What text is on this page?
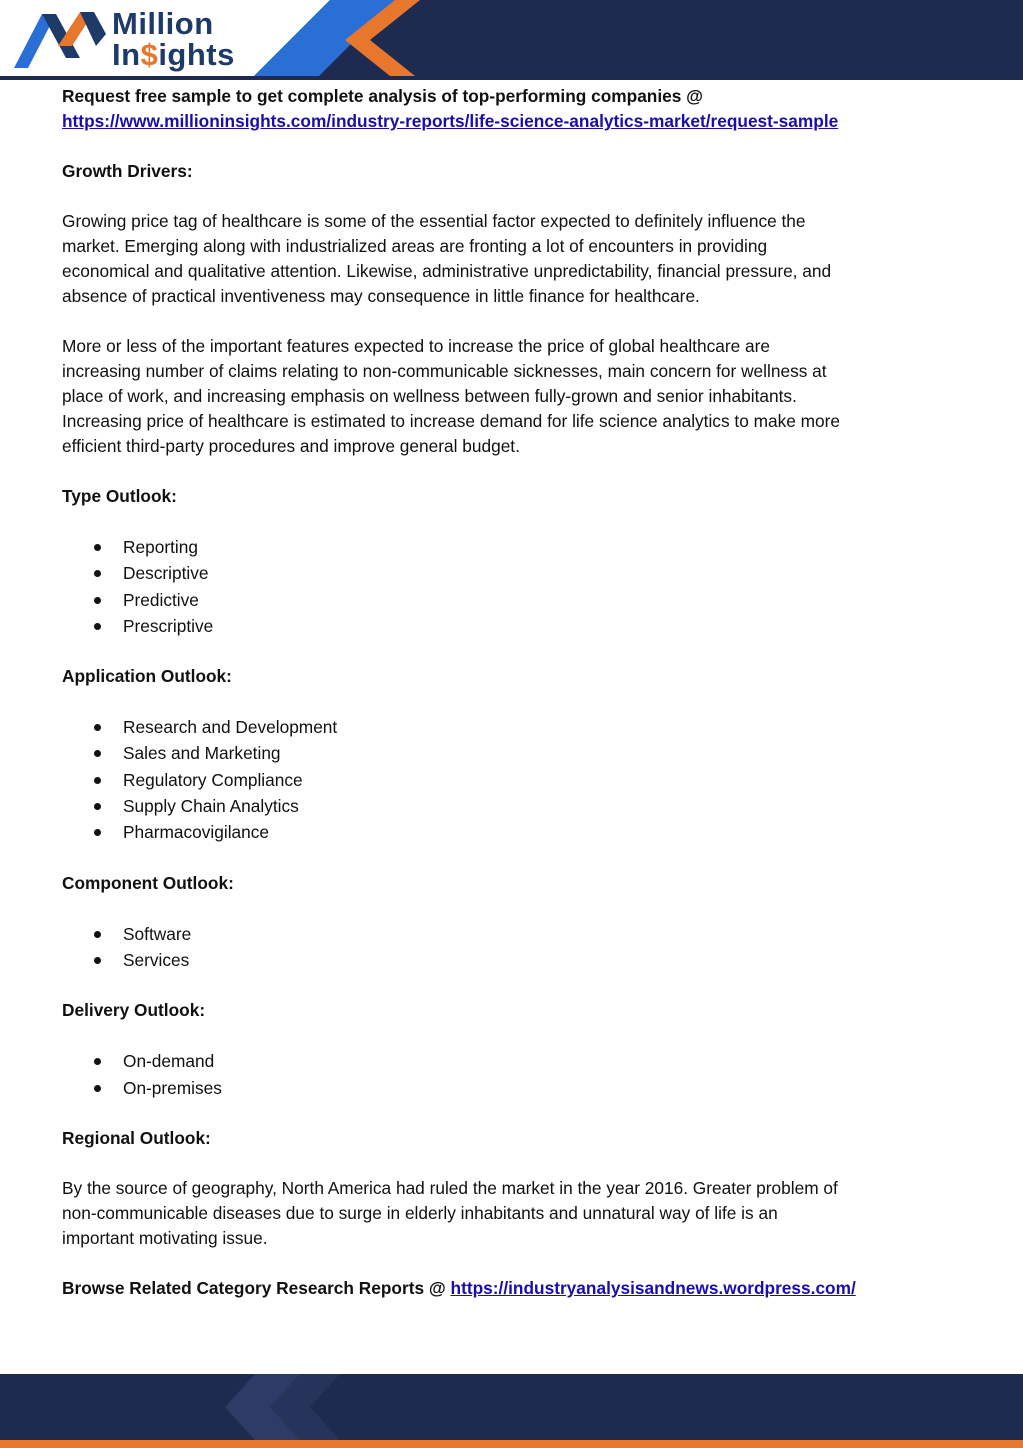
Million
In$ights

Request free sample to get complete analysis of top-performing companies @

https://www.millioninsights.com/industry-reports/life-science-analytics-market/request-sample

Growth Drivers:

Growing price tag of healthcare is some of the essential factor expected to definitely influence the
market. Emerging along with industrialized areas are fronting a lot of encounters in providing
economical and qualitative attention. Likewise, administrative unpredictability, financial pressure, and
absence of practical inventiveness may consequence in little finance for healthcare.

More or less of the important features expected to increase the price of global healthcare are
increasing number of claims relating to non-communicable sicknesses, main concern for wellness at
place of work, and increasing emphasis on wellness between fully-grown and senior inhabitants.
Increasing price of healthcare is estimated to increase demand for life science analytics to make more
efficient third-party procedures and improve general budget.

Type Outlook:

Reporting
Descriptive
Predictive
Prescriptive

Application Outlook:

Research and Development
Sales and Marketing
Regulatory Compliance
Supply Chain Analytics
Pharmacovigilance

Component Outlook:

Software
Services

Delivery Outlook:

On-demand
On-premises

Regional Outlook:

By the source of geography, North America had ruled the market in the year 2016. Greater problem of
non-communicable diseases due to surge in elderly inhabitants and unnatural way of life is an
important motivating issue.

Browse Related Category Research Reports @ https://industryanalysisandnews.wordpress.com/
